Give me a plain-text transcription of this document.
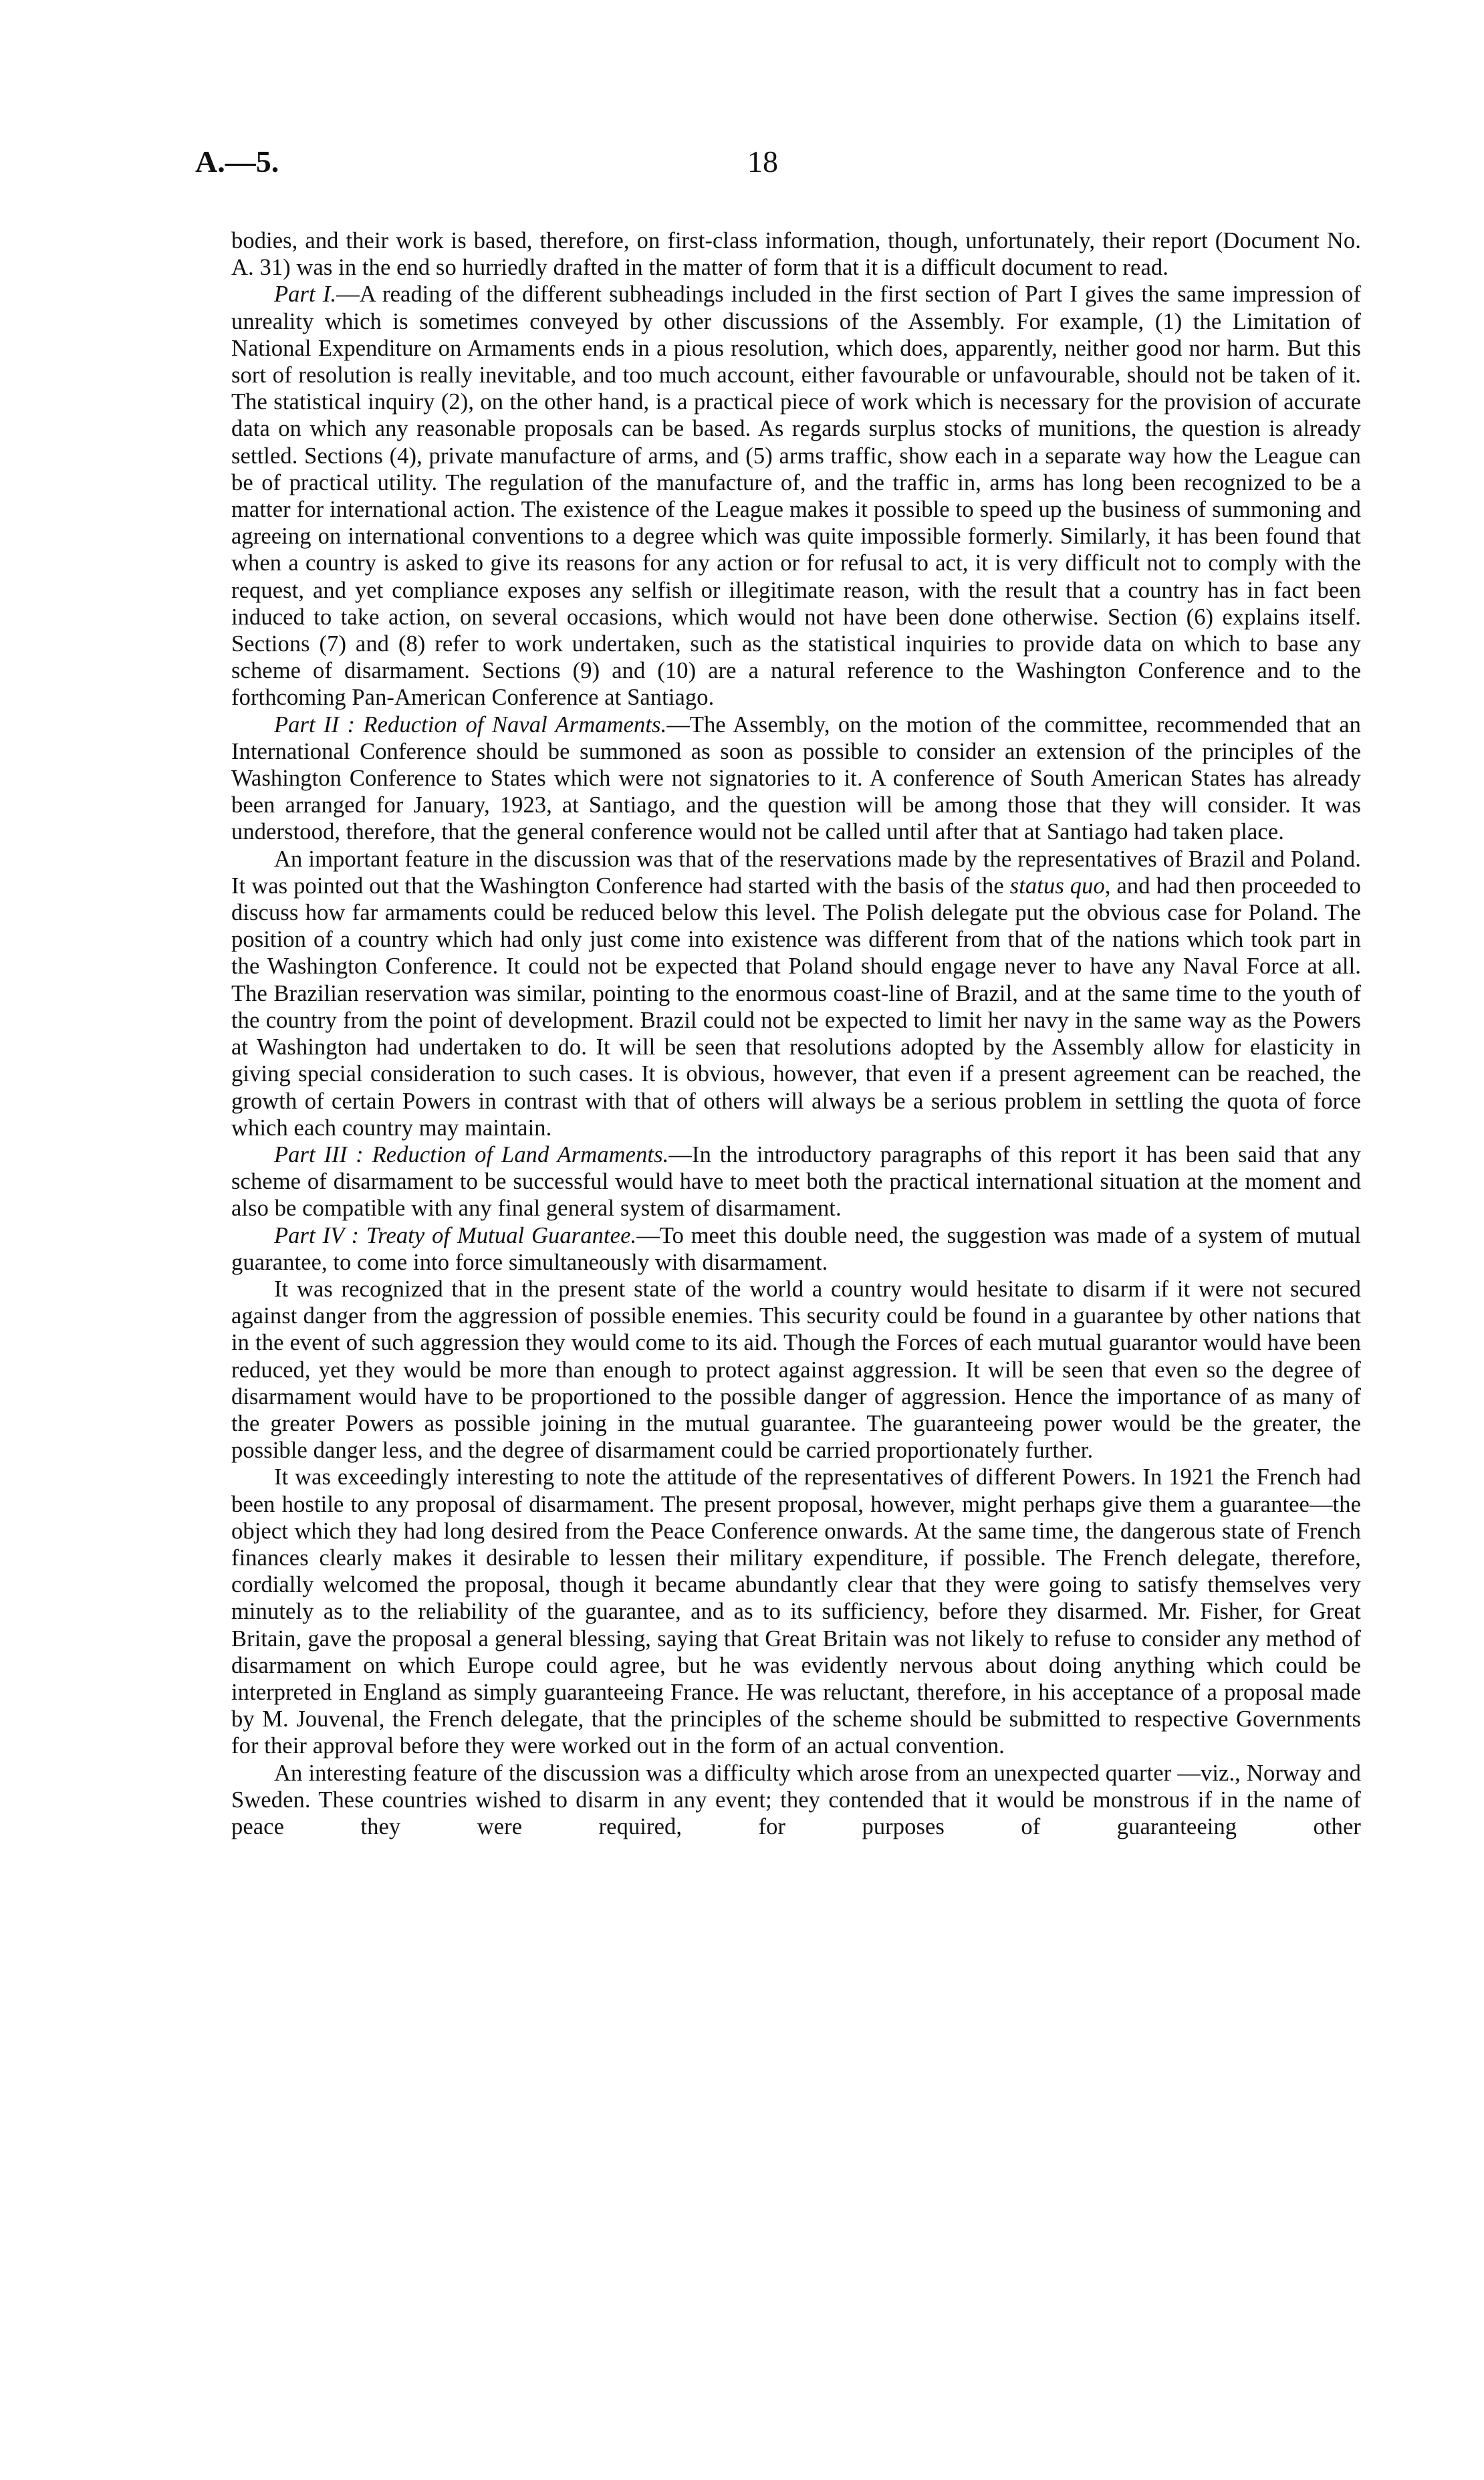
A.—5.	18

bodies, and their work is based, therefore, on first-class information, though, unfortunately, their report (Document No. A. 31) was in the end so hurriedly drafted in the matter of form that it is a difficult document to read.

Part I.—A reading of the different subheadings included in the first section of Part I gives the same impression of unreality which is sometimes conveyed by other discussions of the Assembly. For example, (1) the Limitation of National Expenditure on Armaments ends in a pious resolution, which does, apparently, neither good nor harm. But this sort of resolution is really inevitable, and too much account, either favourable or unfavourable, should not be taken of it. The statistical inquiry (2), on the other hand, is a practical piece of work which is necessary for the provision of accurate data on which any reasonable proposals can be based. As regards surplus stocks of munitions, the question is already settled. Sections (4), private manufacture of arms, and (5) arms traffic, show each in a separate way how the League can be of practical utility. The regulation of the manufacture of, and the traffic in, arms has long been recognized to be a matter for international action. The existence of the League makes it possible to speed up the business of summoning and agreeing on international conventions to a degree which was quite impossible formerly. Similarly, it has been found that when a country is asked to give its reasons for any action or for refusal to act, it is very difficult not to comply with the request, and yet compliance exposes any selfish or illegitimate reason, with the result that a country has in fact been induced to take action, on several occasions, which would not have been done otherwise. Section (6) explains itself. Sections (7) and (8) refer to work undertaken, such as the statistical inquiries to provide data on which to base any scheme of disarmament. Sections (9) and (10) are a natural reference to the Washington Conference and to the forthcoming Pan-American Conference at Santiago.

Part II : Reduction of Naval Armaments.—The Assembly, on the motion of the committee, recommended that an International Conference should be summoned as soon as possible to consider an extension of the principles of the Washington Conference to States which were not signatories to it. A conference of South American States has already been arranged for January, 1923, at Santiago, and the question will be among those that they will consider. It was understood, therefore, that the general conference would not be called until after that at Santiago had taken place.

An important feature in the discussion was that of the reservations made by the representatives of Brazil and Poland. It was pointed out that the Washington Conference had started with the basis of the status quo, and had then proceeded to discuss how far armaments could be reduced below this level. The Polish delegate put the obvious case for Poland. The position of a country which had only just come into existence was different from that of the nations which took part in the Washington Conference. It could not be expected that Poland should engage never to have any Naval Force at all. The Brazilian reservation was similar, pointing to the enormous coast-line of Brazil, and at the same time to the youth of the country from the point of development. Brazil could not be expected to limit her navy in the same way as the Powers at Washington had undertaken to do. It will be seen that resolutions adopted by the Assembly allow for elasticity in giving special consideration to such cases. It is obvious, however, that even if a present agreement can be reached, the growth of certain Powers in contrast with that of others will always be a serious problem in settling the quota of force which each country may maintain.

Part III : Reduction of Land Armaments.—In the introductory paragraphs of this report it has been said that any scheme of disarmament to be successful would have to meet both the practical international situation at the moment and also be compatible with any final general system of disarmament.

Part IV : Treaty of Mutual Guarantee.—To meet this double need, the suggestion was made of a system of mutual guarantee, to come into force simultaneously with disarmament.

It was recognized that in the present state of the world a country would hesitate to disarm if it were not secured against danger from the aggression of possible enemies. This security could be found in a guarantee by other nations that in the event of such aggression they would come to its aid. Though the Forces of each mutual guarantor would have been reduced, yet they would be more than enough to protect against aggression. It will be seen that even so the degree of disarmament would have to be proportioned to the possible danger of aggression. Hence the importance of as many of the greater Powers as possible joining in the mutual guarantee. The guaranteeing power would be the greater, the possible danger less, and the degree of disarmament could be carried proportionately further.

It was exceedingly interesting to note the attitude of the representatives of different Powers. In 1921 the French had been hostile to any proposal of disarmament. The present proposal, however, might perhaps give them a guarantee—the object which they had long desired from the Peace Conference onwards. At the same time, the dangerous state of French finances clearly makes it desirable to lessen their military expenditure, if possible. The French delegate, therefore, cordially welcomed the proposal, though it became abundantly clear that they were going to satisfy themselves very minutely as to the reliability of the guarantee, and as to its sufficiency, before they disarmed. Mr. Fisher, for Great Britain, gave the proposal a general blessing, saying that Great Britain was not likely to refuse to consider any method of disarmament on which Europe could agree, but he was evidently nervous about doing anything which could be interpreted in England as simply guaranteeing France. He was reluctant, therefore, in his acceptance of a proposal made by M. Jouvenal, the French delegate, that the principles of the scheme should be submitted to respective Governments for their approval before they were worked out in the form of an actual convention.

An interesting feature of the discussion was a difficulty which arose from an unexpected quarter —viz., Norway and Sweden. These countries wished to disarm in any event; they contended that it would be monstrous if in the name of peace they were required, for purposes of guaranteeing other
